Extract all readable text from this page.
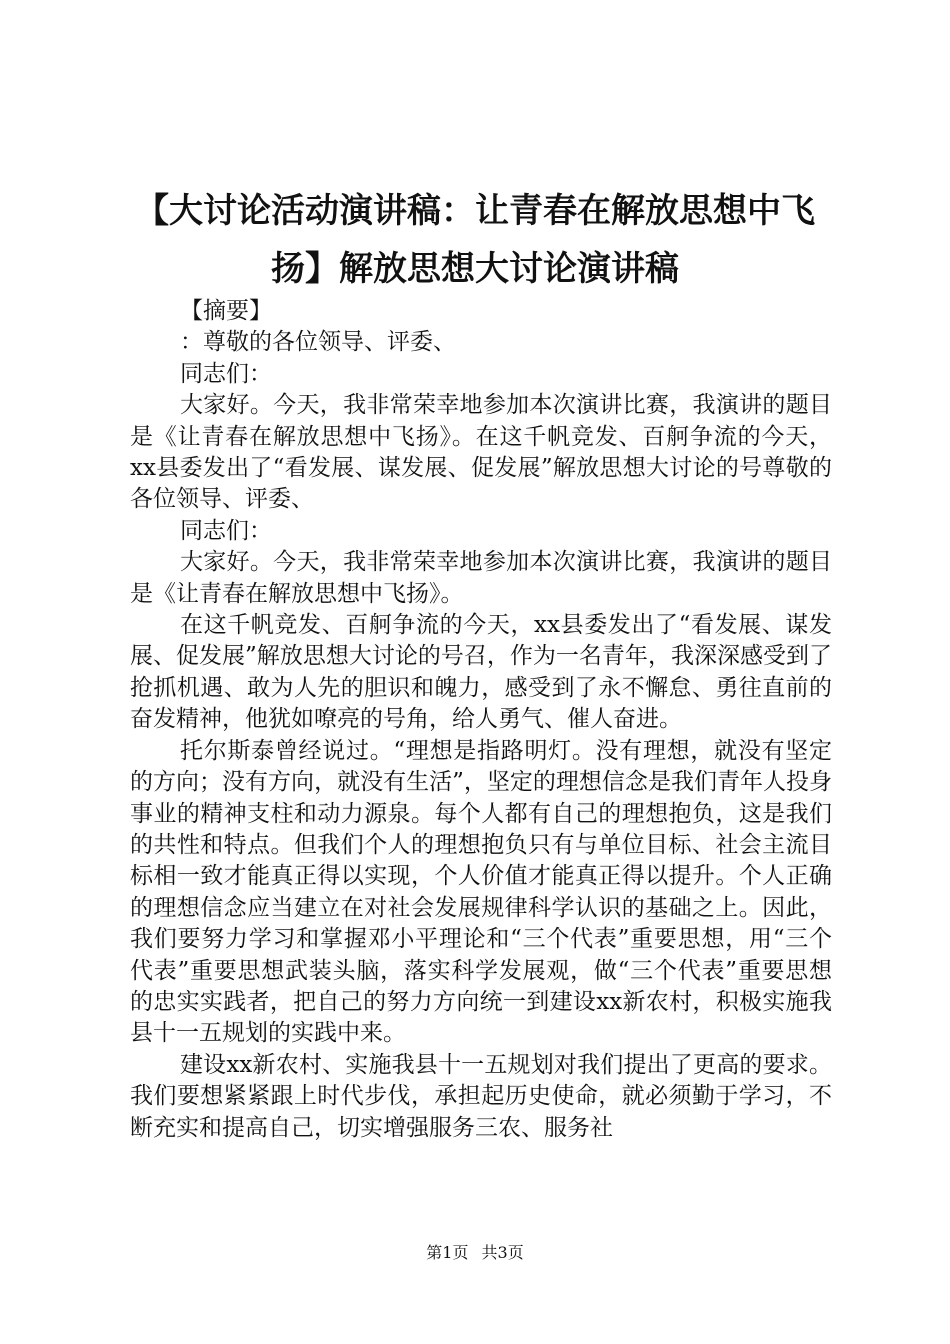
【大讨论活动演讲稿：让青春在解放思想中飞扬】解放思想大讨论演讲稿

【摘要】

：尊敬的各位领导、评委、

同志们：

大家好。今天，我非常荣幸地参加本次演讲比赛，我演讲的题目是《让青春在解放思想中飞扬》。在这千帆竞发、百舸争流的今天，xx县委发出了“看发展、谋发展、促发展”解放思想大讨论的号尊敬的各位领导、评委、

同志们：

大家好。今天，我非常荣幸地参加本次演讲比赛，我演讲的题目是《让青春在解放思想中飞扬》。

在这千帆竞发、百舸争流的今天，xx县委发出了“看发展、谋发展、促发展”解放思想大讨论的号召，作为一名青年，我深深感受到了抢抓机遇、敢为人先的胆识和魄力，感受到了永不懈怠、勇往直前的奋发精神，他犹如嘹亮的号角，给人勇气、催人奋进。

托尔斯泰曾经说过。“理想是指路明灯。没有理想，就没有坚定的方向；没有方向，就没有生活”，坚定的理想信念是我们青年人投身事业的精神支柱和动力源泉。每个人都有自己的理想抱负，这是我们的共性和特点。但我们个人的理想抱负只有与单位目标、社会主流目标相一致才能真正得以实现，个人价值才能真正得以提升。个人正确的理想信念应当建立在对社会发展规律科学认识的基础之上。因此，我们要努力学习和掌握邓小平理论和“三个代表”重要思想，用“三个代表”重要思想武装头脑，落实科学发展观，做“三个代表”重要思想的忠实实践者，把自己的努力方向统一到建设xx新农村，积极实施我县十一五规划的实践中来。

建设xx新农村、实施我县十一五规划对我们提出了更高的要求。我们要想紧紧跟上时代步伐，承担起历史使命，就必须勤于学习，不断充实和提高自己，切实增强服务三农、服务社

第1页 共3页
